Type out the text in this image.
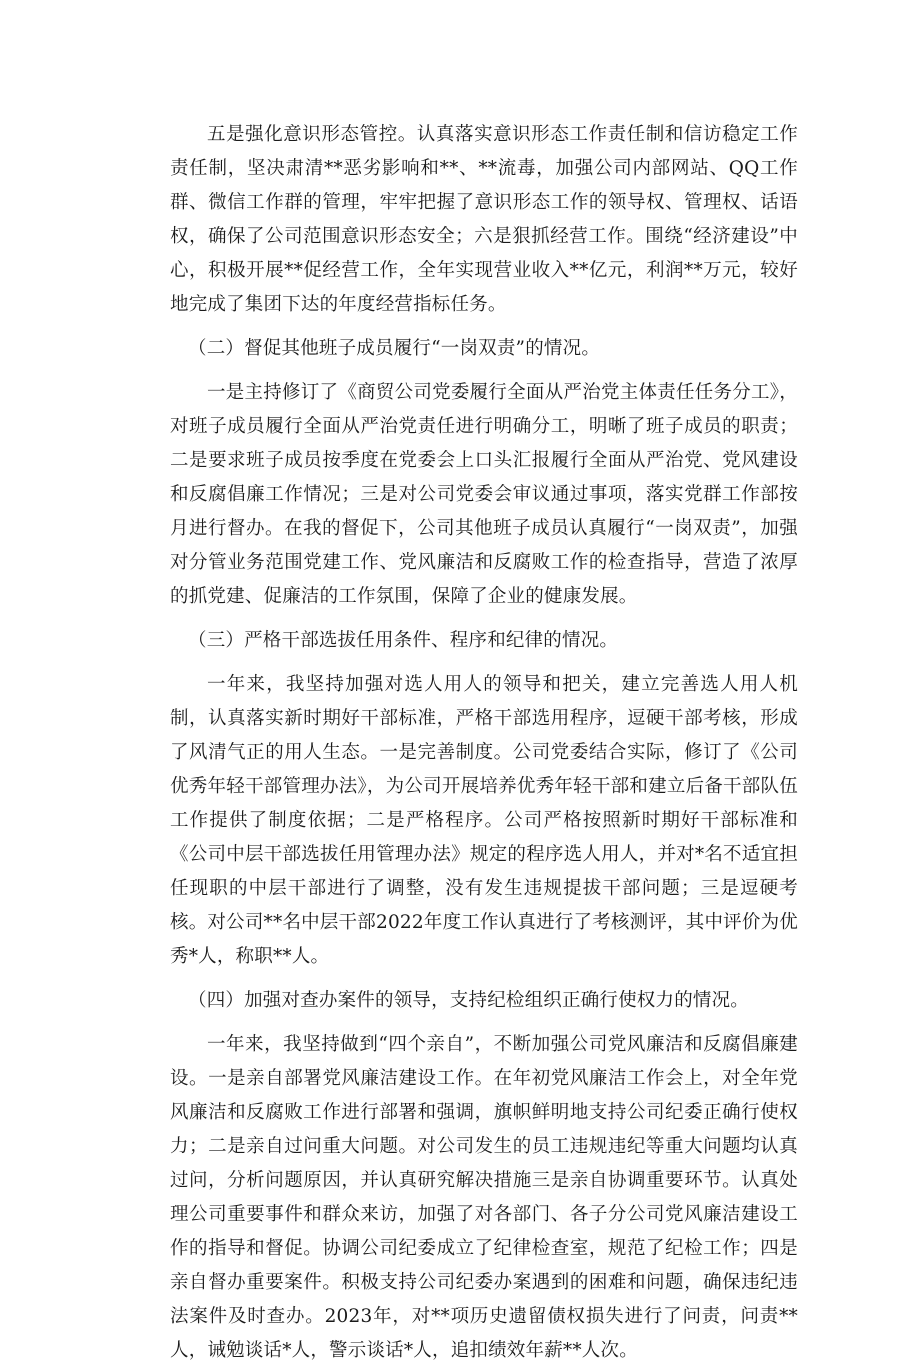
五是强化意识形态管控。认真落实意识形态工作责任制和信访稳定工作责任制，坚决肃清**恶劣影响和**、**流毒，加强公司内部网站、QQ工作群、微信工作群的管理，牢牢把握了意识形态工作的领导权、管理权、话语权，确保了公司范围意识形态安全；六是狠抓经营工作。围绕“经济建设”中心，积极开展**促经营工作，全年实现营业收入**亿元，利润**万元，较好地完成了集团下达的年度经营指标任务。

（二）督促其他班子成员履行“一岗双责”的情况。

一是主持修订了《商贸公司党委履行全面从严治党主体责任任务分工》，对班子成员履行全面从严治党责任进行明确分工，明晰了班子成员的职责；二是要求班子成员按季度在党委会上口头汇报履行全面从严治党、党风建设和反腐倡廉工作情况；三是对公司党委会审议通过事项，落实党群工作部按月进行督办。在我的督促下，公司其他班子成员认真履行“一岗双责”，加强对分管业务范围党建工作、党风廉洁和反腐败工作的检查指导，营造了浓厚的抓党建、促廉洁的工作氛围，保障了企业的健康发展。

（三）严格干部选拔任用条件、程序和纪律的情况。

一年来，我坚持加强对选人用人的领导和把关，建立完善选人用人机制，认真落实新时期好干部标准，严格干部选用程序，逗硬干部考核，形成了风清气正的用人生态。一是完善制度。公司党委结合实际，修订了《公司优秀年轻干部管理办法》，为公司开展培养优秀年轻干部和建立后备干部队伍工作提供了制度依据；二是严格程序。公司严格按照新时期好干部标准和《公司中层干部选拔任用管理办法》规定的程序选人用人，并对*名不适宜担任现职的中层干部进行了调整，没有发生违规提拔干部问题；三是逗硬考核。对公司**名中层干部2022年度工作认真进行了考核测评，其中评价为优秀*人，称职**人。

（四）加强对查办案件的领导，支持纪检组织正确行使权力的情况。

一年来，我坚持做到“四个亲自”，不断加强公司党风廉洁和反腐倡廉建设。一是亲自部署党风廉洁建设工作。在年初党风廉洁工作会上，对全年党风廉洁和反腐败工作进行部署和强调，旗帜鲜明地支持公司纪委正确行使权力；二是亲自过问重大问题。对公司发生的员工违规违纪等重大问题均认真过问，分析问题原因，并认真研究解决措施三是亲自协调重要环节。认真处理公司重要事件和群众来访，加强了对各部门、各子分公司党风廉洁建设工作的指导和督促。协调公司纪委成立了纪律检查室，规范了纪检工作；四是亲自督办重要案件。积极支持公司纪委办案遇到的困难和问题，确保违纪违法案件及时查办。2023年，对**项历史遗留债权损失进行了问责，问责**人，诫勉谈话*人，警示谈话*人，追扣绩效年薪**人次。
